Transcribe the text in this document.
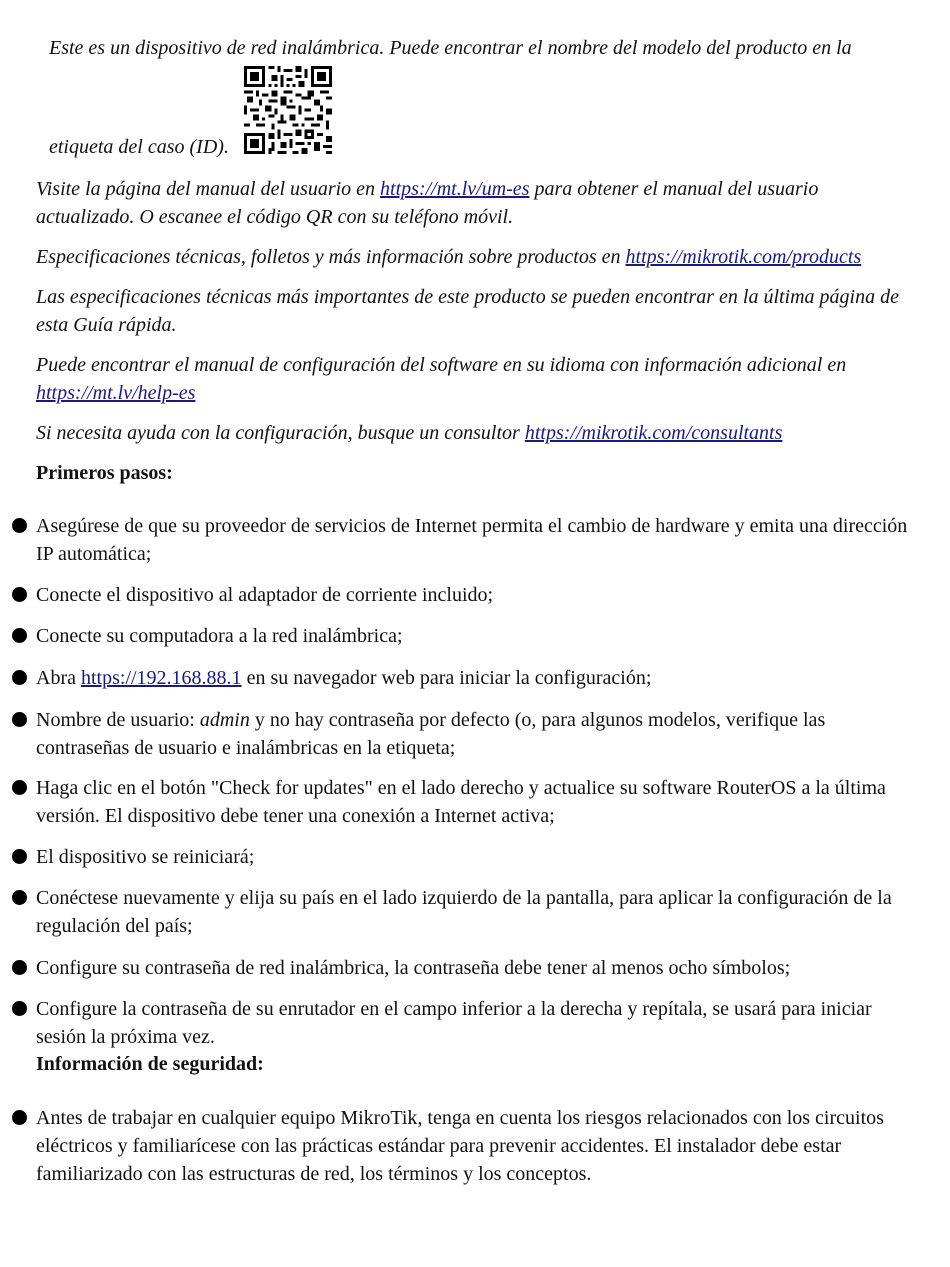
Este es un dispositivo de red inalámbrica. Puede encontrar el nombre del modelo del producto en la

etiqueta del caso (ID).

Visite la página del manual del usuario en https://mt.lv/um-es para obtener el manual del usuario actualizado. O escanee el código QR con su teléfono móvil.

Especificaciones técnicas, folletos y más información sobre productos en https://mikrotik.com/products

Las especificaciones técnicas más importantes de este producto se pueden encontrar en la última página de esta Guía rápida.

Puede encontrar el manual de configuración del software en su idioma con información adicional en https://mt.lv/help-es

Si necesita ayuda con la configuración, busque un consultor https://mikrotik.com/consultants

Primeros pasos:

Asegúrese de que su proveedor de servicios de Internet permita el cambio de hardware y emita una dirección IP automática;

Conecte el dispositivo al adaptador de corriente incluido;

Conecte su computadora a la red inalámbrica;

Abra https://192.168.88.1 en su navegador web para iniciar la configuración;

Nombre de usuario: admin y no hay contraseña por defecto (o, para algunos modelos, verifique las contraseñas de usuario e inalámbricas en la etiqueta;

Haga clic en el botón "Check for updates" en el lado derecho y actualice su software RouterOS a la última versión. El dispositivo debe tener una conexión a Internet activa;

El dispositivo se reiniciará;

Conéctese nuevamente y elija su país en el lado izquierdo de la pantalla, para aplicar la configuración de la regulación del país;

Configure su contraseña de red inalámbrica, la contraseña debe tener al menos ocho símbolos;

Configure la contraseña de su enrutador en el campo inferior a la derecha y repítala, se usará para iniciar sesión la próxima vez.

Información de seguridad:

Antes de trabajar en cualquier equipo MikroTik, tenga en cuenta los riesgos relacionados con los circuitos eléctricos y familiarícese con las prácticas estándar para prevenir accidentes. El instalador debe estar familiarizado con las estructuras de red, los términos y los conceptos.
